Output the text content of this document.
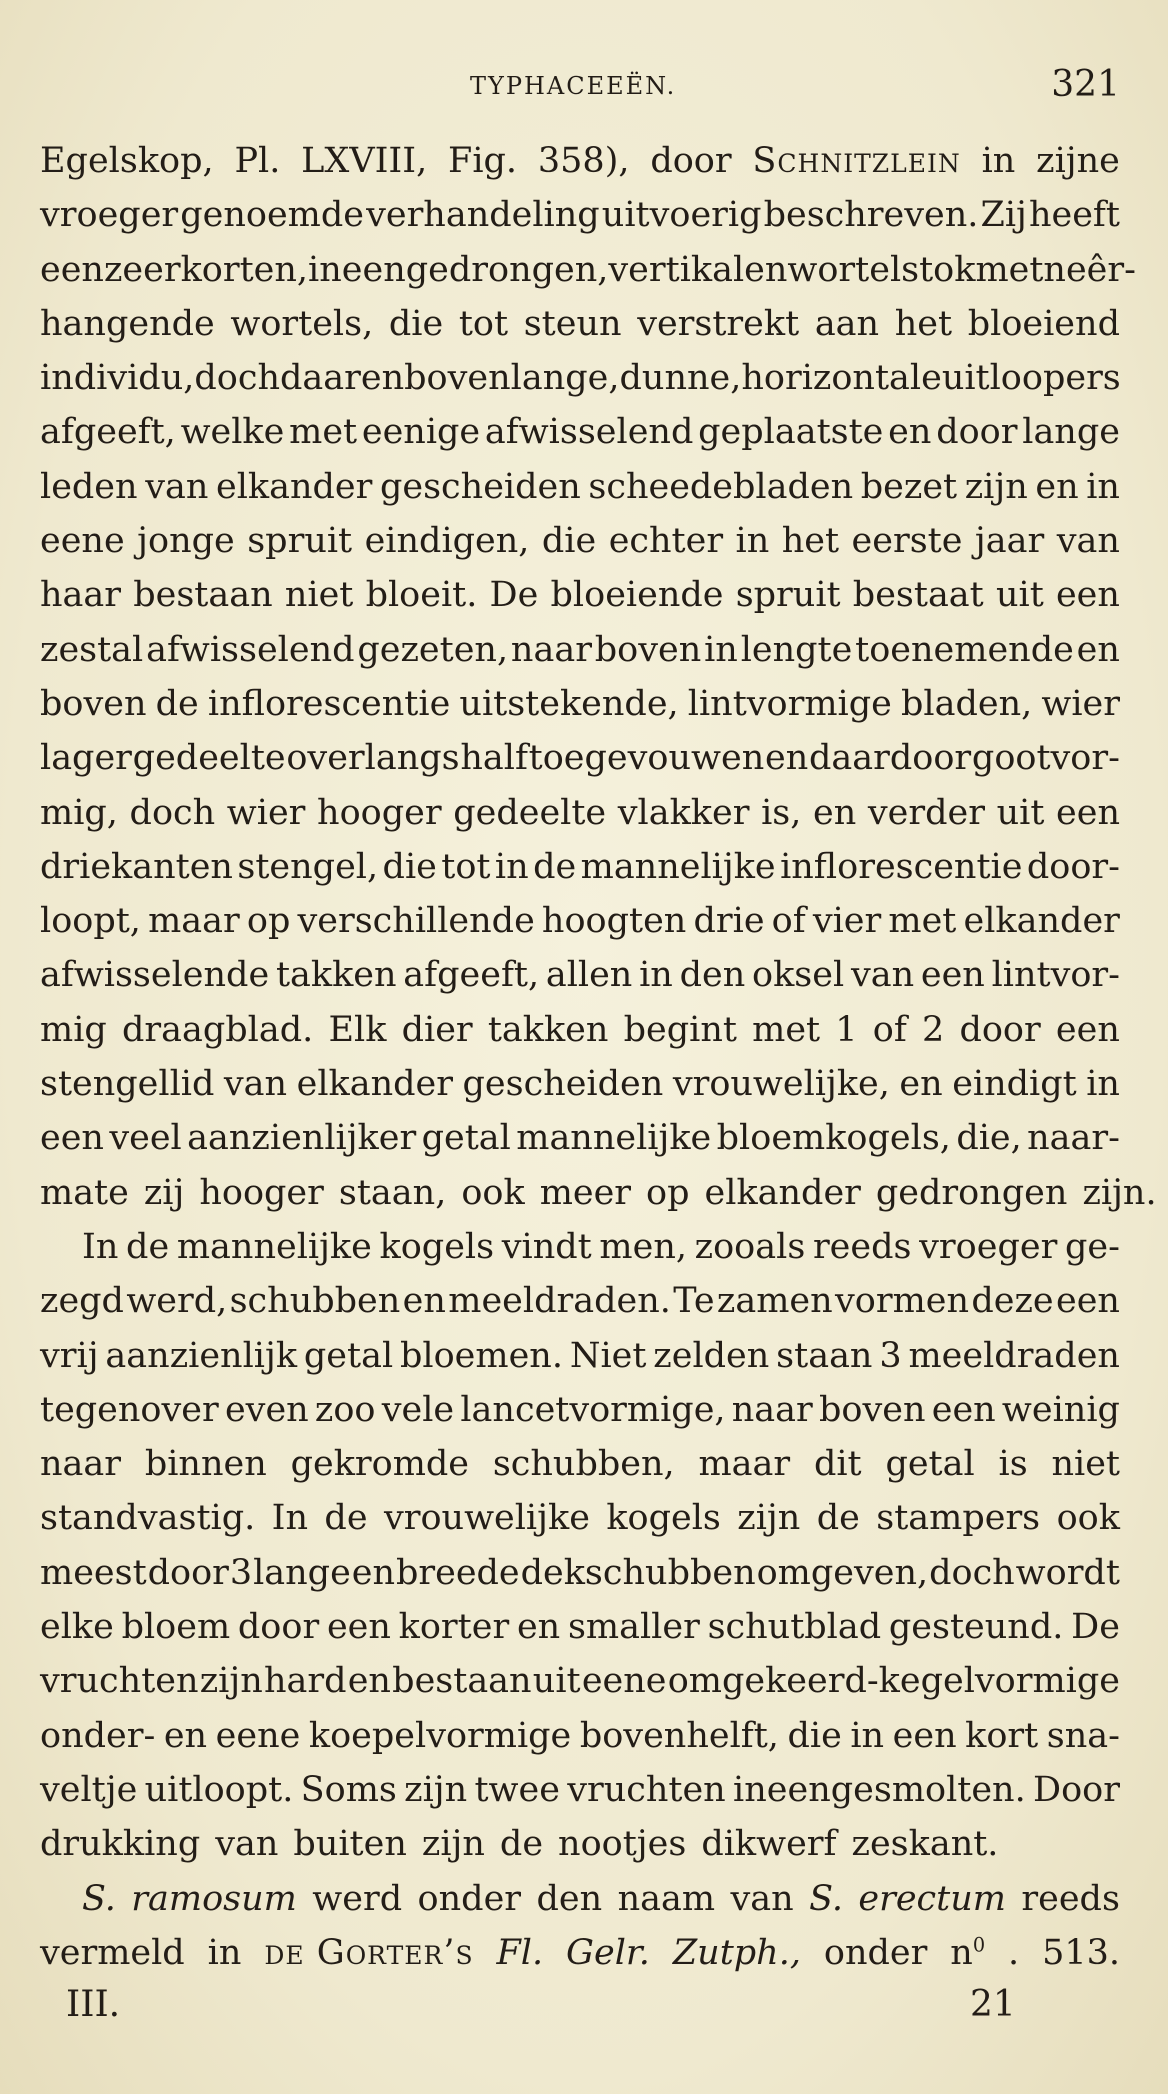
TYPHACEEËN.	321
Egelskop, Pl. LXVIII, Fig. 358), door Schnitzlein in zijne
vroeger genoemde verhandeling uitvoerig beschreven. Zij heeft
een zeer korten, ineengedrongen, vertikalen wortelstok met neêr-
hangende wortels, die tot steun verstrekt aan het bloeiend
individu, doch daarenboven lange, dunne, horizontale uitloopers
afgeeft, welke met eenige afwisselend geplaatste en door lange
leden van elkander gescheiden scheedebladen bezet zijn en in
eene jonge spruit eindigen, die echter in het eerste jaar van
haar bestaan niet bloeit. De bloeiende spruit bestaat uit een
zestal afwisselend gezeten, naar boven in lengte toenemende en
boven de inflorescentie uitstekende, lintvormige bladen, wier
lager gedeelte overlangs half toegevouwen en daardoor gootvor-
mig, doch wier hooger gedeelte vlakker is, en verder uit een
driekanten stengel, die tot in de mannelijke inflorescentie door-
loopt, maar op verschillende hoogten drie of vier met elkander
afwisselende takken afgeeft, allen in den oksel van een lintvor-
mig draagblad. Elk dier takken begint met 1 of 2 door een
stengellid van elkander gescheiden vrouwelijke, en eindigt in
een veel aanzienlijker getal mannelijke bloemkogels, die, naar-
mate zij hooger staan, ook meer op elkander gedrongen zijn.
In de mannelijke kogels vindt men, zooals reeds vroeger ge-
zegd werd, schubben en meeldraden. Te zamen vormen deze een
vrij aanzienlijk getal bloemen. Niet zelden staan 3 meeldraden
tegenover even zoo vele lancetvormige, naar boven een weinig
naar binnen gekromde schubben, maar dit getal is niet
standvastig. In de vrouwelijke kogels zijn de stampers ook
meest door 3 lange en breede dekschubben omgeven, doch wordt
elke bloem door een korter en smaller schutblad gesteund. De
vruchten zijn hard en bestaan uit eene omgekeerd-kegelvormige
onder- en eene koepelvormige bovenhelft, die in een kort sna-
veltje uitloopt. Soms zijn twee vruchten ineengesmolten. Door
drukking van buiten zijn de nootjes dikwerf zeskant.
S. ramosum werd onder den naam van S. erectum reeds
vermeld in de Gorter’s Fl. Gelr. Zutph., onder $n^0$ . 513.
III.	21
